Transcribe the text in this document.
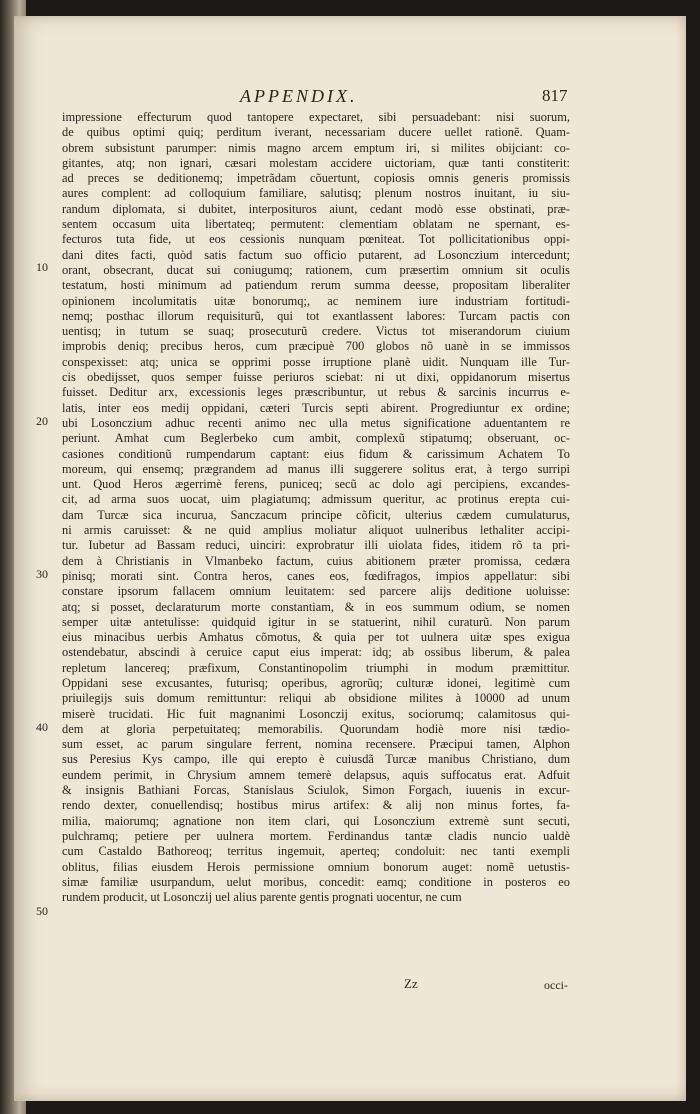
APPENDIX.	817
impressione effecturum quod tantopere expectaret, sibi persuadebant: nisi suorum,
de quibus optimi quiq; perditum iverant, necessariam ducere uellet rationẽ. Quam-
obrem subsistunt parumper: nimis magno arcem emptum iri, si milites obijciant: co-
gitantes, atq; non ignari, cæsari molestam accidere uictoriam, quæ tanti constiterit:
ad preces se deditionemq; impetrãdam cõuertunt, copiosis omnis generis promissis
aures complent: ad colloquium familiare, salutisq; plenum nostros inuitant, iu siu-
randum diplomata, si dubitet, interposituros aiunt, cedant modò esse obstinati, præ-
sentem occasum uita libertateq; permutent: clementiam oblatam ne spernant, es-
fecturos tuta fide, ut eos cessionis nunquam pœniteat. Tot pollicitationibus oppi-
dani dites facti, quòd satis factum suo officio putarent, ad Losonczium intercedunt;
orant, obsecrant, ducat sui coniugumq; rationem, cum præsertim omnium sit oculis
testatum, hosti minimum ad patiendum rerum summa deesse, propositam liberaliter
opinionem incolumitatis uitæ bonorumq;, ac neminem iure industriam fortitudi-
nemq; posthac illorum requisiturũ, qui tot exantlassent labores: Turcam pactis con
uentisq; in tutum se suaq; prosecuturũ credere. Victus tot miserandorum ciuium
improbis deniq; precibus heros, cum præcipuè 700 globos nõ uanè in se immissos
conspexisset: atq; unica se opprimi posse irruptione planè uidit. Nunquam ille Tur-
cis obedijsset, quos semper fuisse periuros sciebat: ni ut dixi, oppidanorum misertus
fuisset. Deditur arx, excessionis leges præscribuntur, ut rebus & sarcinis incurrus e-
latis, inter eos medij oppidani, cæteri Turcis septi abirent. Progrediuntur ex ordine;
ubi Losonczium adhuc recenti animo nec ulla metus significatione aduentantem re
periunt. Amhat cum Beglerbeko cum ambit, complexũ stipatumq; obseruant, oc-
casiones conditionũ rumpendarum captant: eius fidum & carissimum Achatem To
moreum, qui ensemq; prægrandem ad manus illi suggerere solitus erat, à tergo surripi
unt. Quod Heros ægerrimè ferens, puniceq; secũ ac dolo agi percipiens, excandes-
cit, ad arma suos uocat, uim plagiatumq; admissum queritur, ac protinus erepta cui-
dam Turcæ sica incurua, Sanczacum principe cõficit, ulterius cædem cumulaturus,
ni armis caruisset: & ne quid amplius moliatur aliquot uulneribus lethaliter accipi-
tur. Iubetur ad Bassam reduci, uinciri: exprobratur illi uiolata fides, itidem rõ ta pri-
dem à Christianis in Vlmanbeko factum, cuius abitionem præter promissa, cedæra
pinisq; morati sint. Contra heros, canes eos, fœdifragos, impios appellatur: sibi
constare ipsorum fallacem omnium leuitatem: sed parcere alijs deditione uoluisse:
atq; si posset, declaraturum morte constantiam, & in eos summum odium, se nomen
semper uitæ antetulisse: quidquid igitur in se statuerint, nihil curaturũ. Non parum
eius minacibus uerbis Amhatus cõmotus, & quia per tot uulnera uitæ spes exigua
ostendebatur, abscindi à ceruice caput eius imperat: idq; ab ossibus liberum, & palea
repletum lancereq; præfixum, Constantinopolim triumphi in modum præmittitur.
Oppidani sese excusantes, futurisq; operibus, agrorũq; culturæ idonei, legitimè cum
priuilegijs suis domum remittuntur: reliqui ab obsidione milites à 10000 ad unum
miserè trucidati. Hic fuit magnanimi Losonczij exitus, sociorumq; calamitosus qui-
dem at gloria perpetuitateq; memorabilis. Quorundam hodiè more nisi tædio-
sum esset, ac parum singulare ferrent, nomina recensere. Præcipui tamen, Alphon
sus Peresius Kys campo, ille qui erepto è cuiusdã Turcæ manibus Christiano, dum
eundem perimit, in Chrysium amnem temerè delapsus, aquis suffocatus erat. Adfuit
& insignis Bathiani Forcas, Stanislaus Sciulok, Simon Forgach, iuuenis in excur-
rendo dexter, conuellendisq; hostibus mirus artifex: & alij non minus fortes, fa-
milia, maiorumq; agnatione non item clari, qui Losonczium extremè sunt secuti,
pulchramq; petiere per uulnera mortem. Ferdinandus tantæ cladis nuncio ualdè
cum Castaldo Bathoreoq; territus ingemuit, aperteq; condoluit: nec tanti exempli
oblitus, filias eiusdem Herois permissione omnium bonorum auget: nomẽ uetustis-
simæ familiæ usurpandum, uelut moribus, concedit: eamq; conditione in posteros eo
rundem producit, ut Losonczij uel alius parente gentis prognati uocentur, ne cum
10
20
30
40
50
Zz	occi-
